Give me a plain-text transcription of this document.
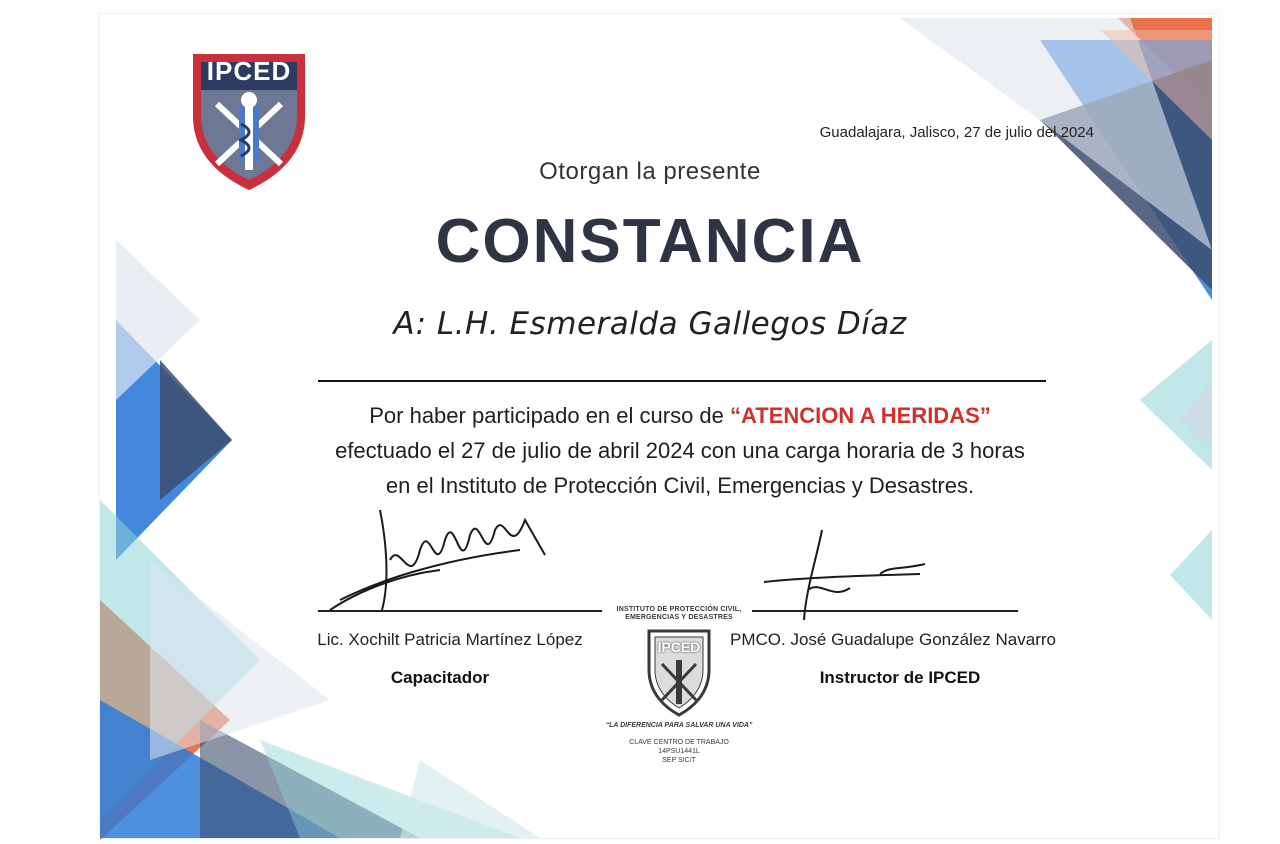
IPCED
Guadalajara, Jalisco, 27 de julio del 2024
Otorgan la presente
CONSTANCIA
A: L.H. Esmeralda Gallegos Díaz
Por haber participado en el curso de “ATENCION A HERIDAS”
efectuado el 27 de julio de abril 2024 con una carga horaria de 3 horas
en el Instituto de Protección Civil, Emergencias y Desastres.
Lic. Xochilt Patricia Martínez López
Capacitador
PMCO. José Guadalupe González Navarro
Instructor de IPCED
INSTITUTO DE PROTECCIÓN CIVIL,
EMERGENCIAS Y DESASTRES
IPCED
“LA DIFERENCIA PARA SALVAR UNA VIDA”
CLAVE CENTRO DE TRABAJO
14PSU1441L
SEP SIC/T
